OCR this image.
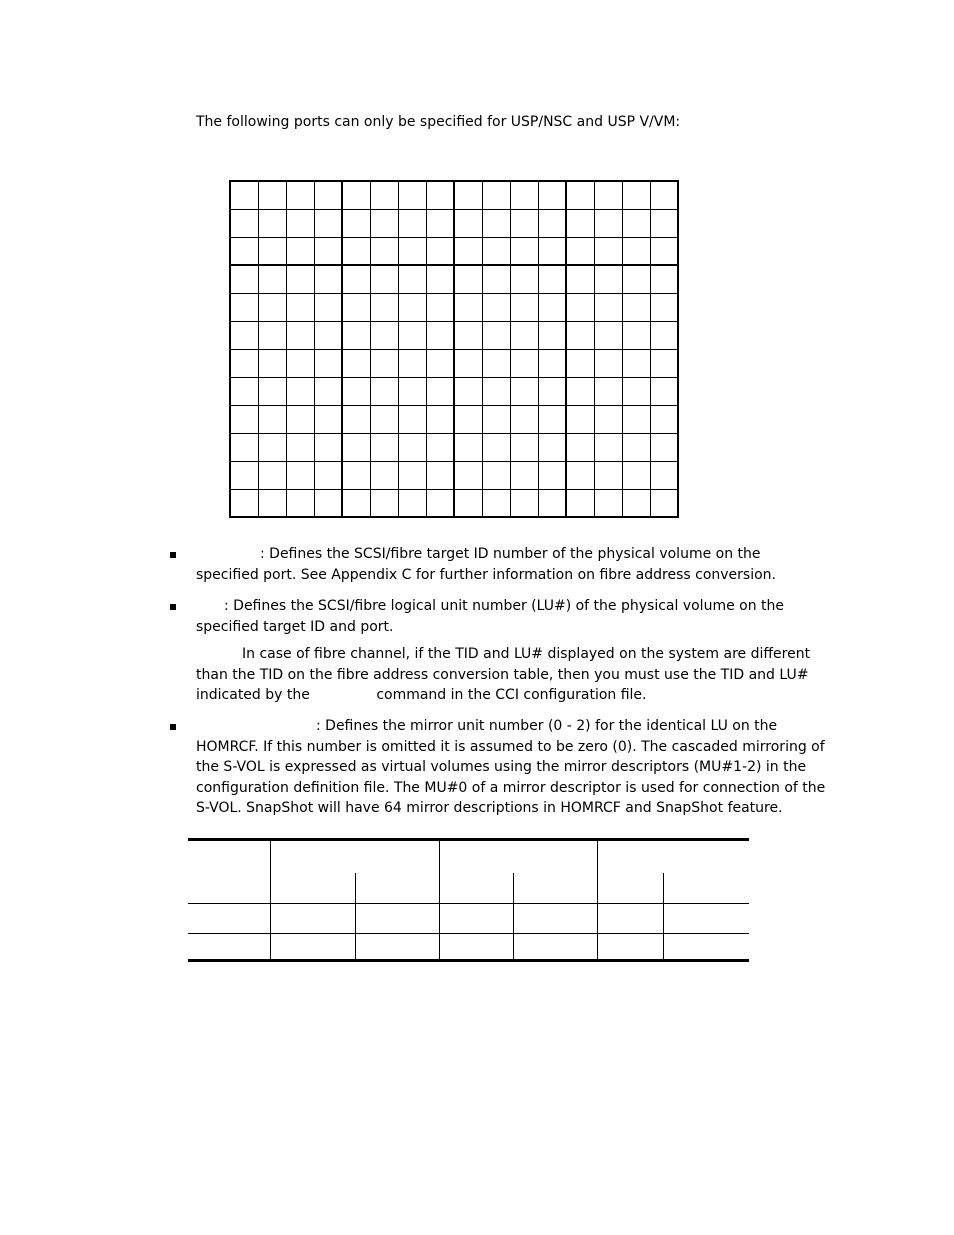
The following ports can only be specified for USP/NSC and USP V/VM:

: Defines the SCSI/fibre target ID number of the physical volume on the specified port. See Appendix C for further information on fibre address conversion.
: Defines the SCSI/fibre logical unit number (LU#) of the physical volume on the specified target ID and port.
In case of fibre channel, if the TID and LU# displayed on the system are different than the TID on the fibre address conversion table, then you must use the TID and LU# indicated by the	command in the CCI configuration file.
: Defines the mirror unit number (0 - 2) for the identical LU on the HOMRCF. If this number is omitted it is assumed to be zero (0). The cascaded mirroring of the S-VOL is expressed as virtual volumes using the mirror descriptors (MU#1-2) in the configuration definition file. The MU#0 of a mirror descriptor is used for connection of the S-VOL. SnapShot will have 64 mirror descriptions in HOMRCF and SnapShot feature.
